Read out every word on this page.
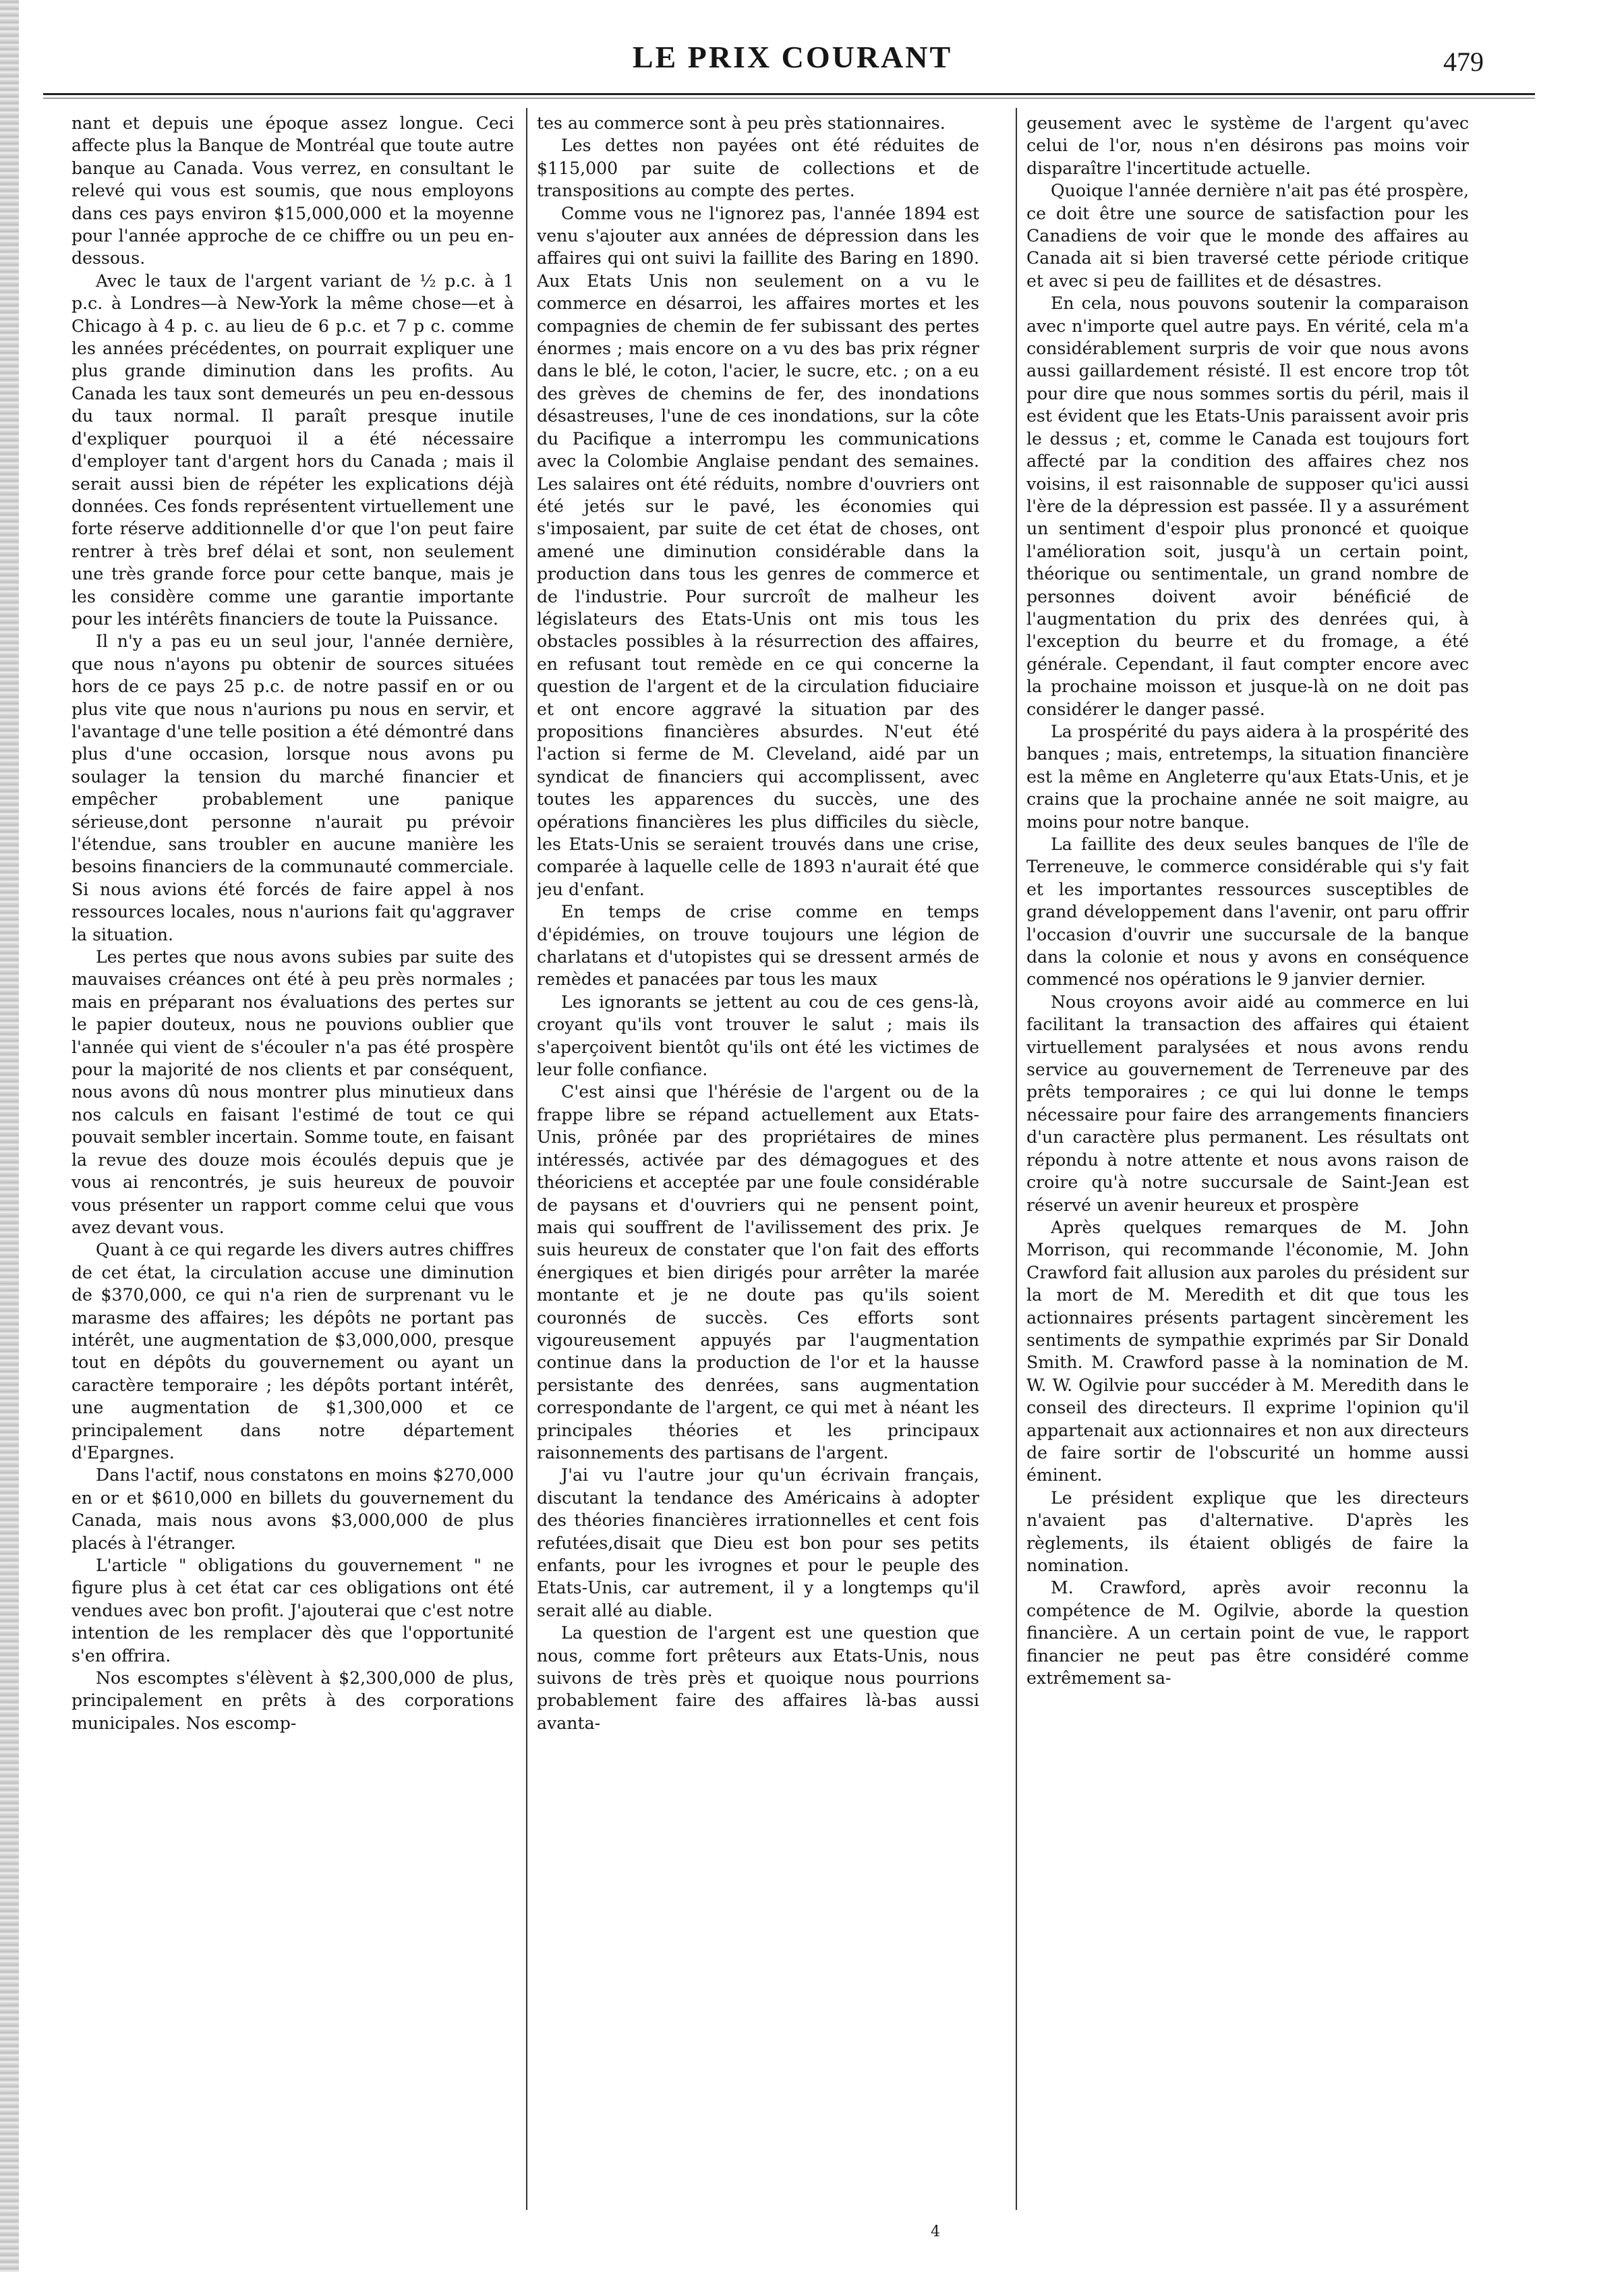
LE PRIX COURANT	479

nant et depuis une époque assez longue. Ceci affecte plus la Banque de Montréal que toute autre banque au Canada. Vous verrez, en consultant le relevé qui vous est soumis, que nous employons dans ces pays environ $15,000,000 et la moyenne pour l'année approche de ce chiffre ou un peu en-dessous.

Avec le taux de l'argent variant de ½ p.c. à 1 p.c. à Londres—à New-York la même chose—et à Chicago à 4 p. c. au lieu de 6 p.c. et 7 p c. comme les années précédentes, on pourrait expliquer une plus grande diminution dans les profits. Au Canada les taux sont demeurés un peu en-dessous du taux normal. Il paraît presque inutile d'expliquer pourquoi il a été nécessaire d'employer tant d'argent hors du Canada ; mais il serait aussi bien de répéter les explications déjà données. Ces fonds représentent virtuellement une forte réserve additionnelle d'or que l'on peut faire rentrer à très bref délai et sont, non seulement une très grande force pour cette banque, mais je les considère comme une garantie importante pour les intérêts financiers de toute la Puissance.

Il n'y a pas eu un seul jour, l'année dernière, que nous n'ayons pu obtenir de sources situées hors de ce pays 25 p.c. de notre passif en or ou plus vite que nous n'aurions pu nous en servir, et l'avantage d'une telle position a été démontré dans plus d'une occasion, lorsque nous avons pu soulager la tension du marché financier et empêcher probablement une panique sérieuse,dont personne n'aurait pu prévoir l'étendue, sans troubler en aucune manière les besoins financiers de la communauté commerciale. Si nous avions été forcés de faire appel à nos ressources locales, nous n'aurions fait qu'aggraver la situation.

Les pertes que nous avons subies par suite des mauvaises créances ont été à peu près normales ; mais en préparant nos évaluations des pertes sur le papier douteux, nous ne pouvions oublier que l'année qui vient de s'écouler n'a pas été prospère pour la majorité de nos clients et par conséquent, nous avons dû nous montrer plus minutieux dans nos calculs en faisant l'estimé de tout ce qui pouvait sembler incertain. Somme toute, en faisant la revue des douze mois écoulés depuis que je vous ai rencontrés, je suis heureux de pouvoir vous présenter un rapport comme celui que vous avez devant vous.

Quant à ce qui regarde les divers autres chiffres de cet état, la circulation accuse une diminution de $370,000, ce qui n'a rien de surprenant vu le marasme des affaires; les dépôts ne portant pas intérêt, une augmentation de $3,000,000, presque tout en dépôts du gouvernement ou ayant un caractère temporaire ; les dépôts portant intérêt, une augmentation de $1,300,000 et ce principalement dans notre département d'Epargnes.

Dans l'actif, nous constatons en moins $270,000 en or et $610,000 en billets du gouvernement du Canada, mais nous avons $3,000,000 de plus placés à l'étranger.

L'article " obligations du gouvernement " ne figure plus à cet état car ces obligations ont été vendues avec bon profit. J'ajouterai que c'est notre intention de les remplacer dès que l'opportunité s'en offrira.

Nos escomptes s'élèvent à $2,300,000 de plus, principalement en prêts à des corporations municipales. Nos escomp-

tes au commerce sont à peu près stationnaires.

Les dettes non payées ont été réduites de $115,000 par suite de collections et de transpositions au compte des pertes.

Comme vous ne l'ignorez pas, l'année 1894 est venu s'ajouter aux années de dépression dans les affaires qui ont suivi la faillite des Baring en 1890. Aux Etats Unis non seulement on a vu le commerce en désarroi, les affaires mortes et les compagnies de chemin de fer subissant des pertes énormes ; mais encore on a vu des bas prix régner dans le blé, le coton, l'acier, le sucre, etc. ; on a eu des grèves de chemins de fer, des inondations désastreuses, l'une de ces inondations, sur la côte du Pacifique a interrompu les communications avec la Colombie Anglaise pendant des semaines. Les salaires ont été réduits, nombre d'ouvriers ont été jetés sur le pavé, les économies qui s'imposaient, par suite de cet état de choses, ont amené une diminution considérable dans la production dans tous les genres de commerce et de l'industrie. Pour surcroît de malheur les législateurs des Etats-Unis ont mis tous les obstacles possibles à la résurrection des affaires, en refusant tout remède en ce qui concerne la question de l'argent et de la circulation fiduciaire et ont encore aggravé la situation par des propositions financières absurdes. N'eut été l'action si ferme de M. Cleveland, aidé par un syndicat de financiers qui accomplissent, avec toutes les apparences du succès, une des opérations financières les plus difficiles du siècle, les Etats-Unis se seraient trouvés dans une crise, comparée à laquelle celle de 1893 n'aurait été que jeu d'enfant.

En temps de crise comme en temps d'épidémies, on trouve toujours une légion de charlatans et d'utopistes qui se dressent armés de remèdes et panacées par tous les maux

Les ignorants se jettent au cou de ces gens-là, croyant qu'ils vont trouver le salut ; mais ils s'aperçoivent bientôt qu'ils ont été les victimes de leur folle confiance.

C'est ainsi que l'hérésie de l'argent ou de la frappe libre se répand actuellement aux Etats-Unis, prônée par des propriétaires de mines intéressés, activée par des démagogues et des théoriciens et acceptée par une foule considérable de paysans et d'ouvriers qui ne pensent point, mais qui souffrent de l'avilissement des prix. Je suis heureux de constater que l'on fait des efforts énergiques et bien dirigés pour arrêter la marée montante et je ne doute pas qu'ils soient couronnés de succès. Ces efforts sont vigoureusement appuyés par l'augmentation continue dans la production de l'or et la hausse persistante des denrées, sans augmentation correspondante de l'argent, ce qui met à néant les principales théories et les principaux raisonnements des partisans de l'argent.

J'ai vu l'autre jour qu'un écrivain français, discutant la tendance des Américains à adopter des théories financières irrationnelles et cent fois refutées,disait que Dieu est bon pour ses petits enfants, pour les ivrognes et pour le peuple des Etats-Unis, car autrement, il y a longtemps qu'il serait allé au diable.

La question de l'argent est une question que nous, comme fort prêteurs aux Etats-Unis, nous suivons de très près et quoique nous pourrions probablement faire des affaires là-bas aussi avanta-

geusement avec le système de l'argent qu'avec celui de l'or, nous n'en désirons pas moins voir disparaître l'incertitude actuelle.

Quoique l'année dernière n'ait pas été prospère, ce doit être une source de satisfaction pour les Canadiens de voir que le monde des affaires au Canada ait si bien traversé cette période critique et avec si peu de faillites et de désastres.

En cela, nous pouvons soutenir la comparaison avec n'importe quel autre pays. En vérité, cela m'a considérablement surpris de voir que nous avons aussi gaillardement résisté. Il est encore trop tôt pour dire que nous sommes sortis du péril, mais il est évident que les Etats-Unis paraissent avoir pris le dessus ; et, comme le Canada est toujours fort affecté par la condition des affaires chez nos voisins, il est raisonnable de supposer qu'ici aussi l'ère de la dépression est passée. Il y a assurément un sentiment d'espoir plus prononcé et quoique l'amélioration soit, jusqu'à un certain point, théorique ou sentimentale, un grand nombre de personnes doivent avoir bénéficié de l'augmentation du prix des denrées qui, à l'exception du beurre et du fromage, a été générale. Cependant, il faut compter encore avec la prochaine moisson et jusque-là on ne doit pas considérer le danger passé.

La prospérité du pays aidera à la prospérité des banques ; mais, entretemps, la situation financière est la même en Angleterre qu'aux Etats-Unis, et je crains que la prochaine année ne soit maigre, au moins pour notre banque.

La faillite des deux seules banques de l'île de Terreneuve, le commerce considérable qui s'y fait et les importantes ressources susceptibles de grand développement dans l'avenir, ont paru offrir l'occasion d'ouvrir une succursale de la banque dans la colonie et nous y avons en conséquence commencé nos opérations le 9 janvier dernier.

Nous croyons avoir aidé au commerce en lui facilitant la transaction des affaires qui étaient virtuellement paralysées et nous avons rendu service au gouvernement de Terreneuve par des prêts temporaires ; ce qui lui donne le temps nécessaire pour faire des arrangements financiers d'un caractère plus permanent. Les résultats ont répondu à notre attente et nous avons raison de croire qu'à notre succursale de Saint-Jean est réservé un avenir heureux et prospère

Après quelques remarques de M. John Morrison, qui recommande l'économie, M. John Crawford fait allusion aux paroles du président sur la mort de M. Meredith et dit que tous les actionnaires présents partagent sincèrement les sentiments de sympathie exprimés par Sir Donald Smith. M. Crawford passe à la nomination de M. W. W. Ogilvie pour succéder à M. Meredith dans le conseil des directeurs. Il exprime l'opinion qu'il appartenait aux actionnaires et non aux directeurs de faire sortir de l'obscurité un homme aussi éminent.

Le président explique que les directeurs n'avaient pas d'alternative. D'après les règlements, ils étaient obligés de faire la nomination.

M. Crawford, après avoir reconnu la compétence de M. Ogilvie, aborde la question financière. A un certain point de vue, le rapport financier ne peut pas être considéré comme extrêmement sa-

4
